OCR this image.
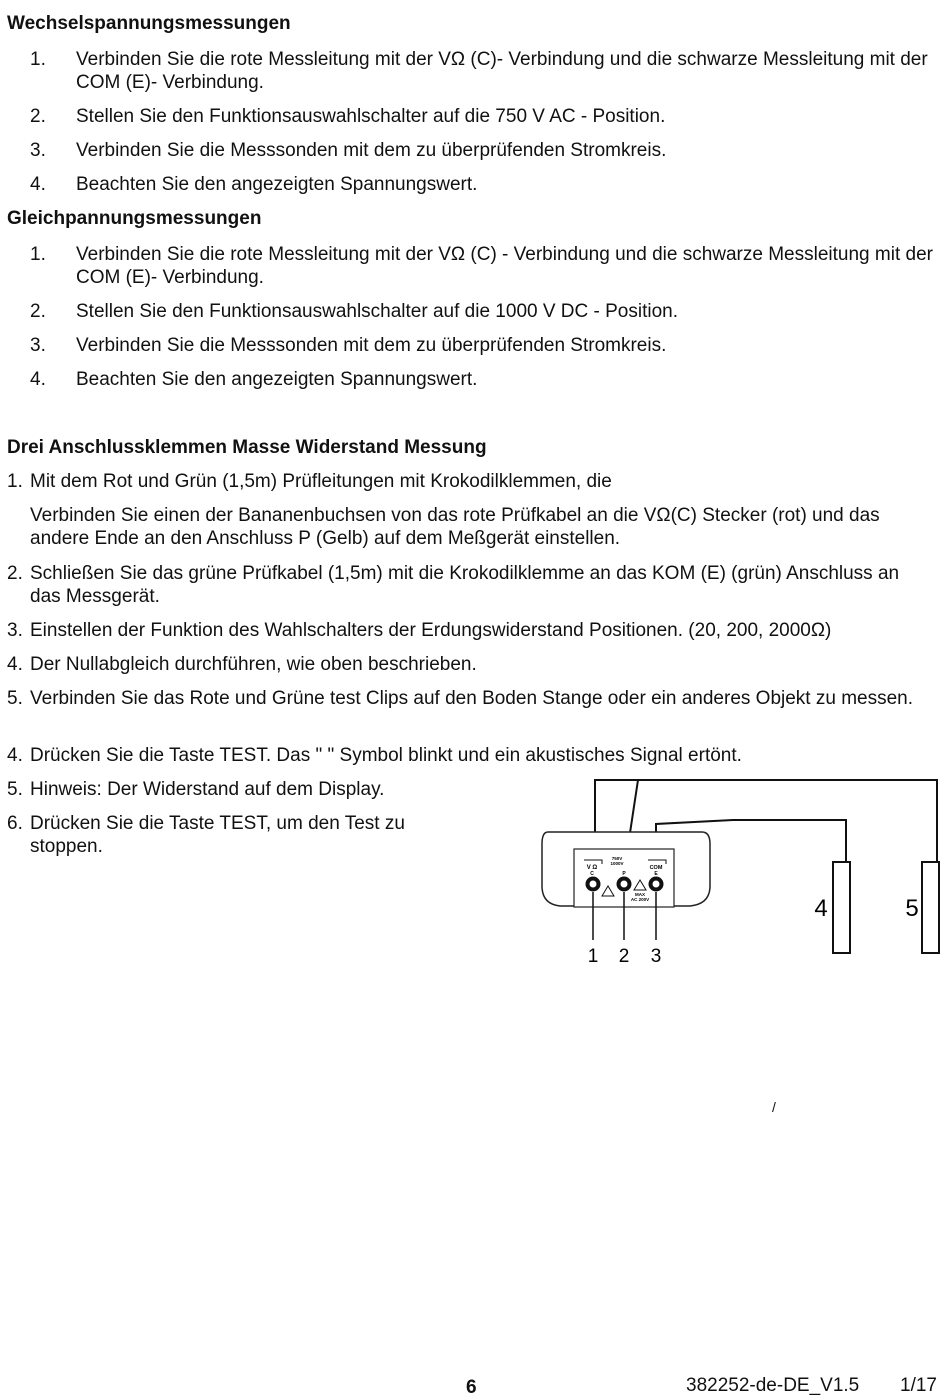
Wechselspannungsmessungen
1. Verbinden Sie die rote Messleitung mit der VΩ (C)- Verbindung und die schwarze Messleitung mit der COM (E)- Verbindung.
2. Stellen Sie den Funktionsauswahlschalter auf die 750 V AC - Position.
3. Verbinden Sie die Messsonden mit dem zu überprüfenden Stromkreis.
4. Beachten Sie den angezeigten Spannungswert.
Gleichpannungsmessungen
1. Verbinden Sie die rote Messleitung mit der VΩ (C) - Verbindung und die schwarze Messleitung mit der COM (E)- Verbindung.
2. Stellen Sie den Funktionsauswahlschalter auf die 1000 V DC - Position.
3. Verbinden Sie die Messsonden mit dem zu überprüfenden Stromkreis.
4. Beachten Sie den angezeigten Spannungswert.
Drei Anschlussklemmen Masse Widerstand Messung
1. Mit dem Rot und Grün (1,5m) Prüfleitungen mit Krokodilklemmen, die
Verbinden Sie einen der Bananenbuchsen von das rote Prüfkabel an die VΩ(C) Stecker (rot) und das andere Ende an den Anschluss P (Gelb) auf dem Meßgerät einstellen.
2. Schließen Sie das grüne Prüfkabel (1,5m) mit die Krokodilklemme an das KOM (E) (grün) Anschluss an das Messgerät.
3. Einstellen der Funktion des Wahlschalters der Erdungswiderstand Positionen. (20, 200, 2000Ω)
4. Der Nullabgleich durchführen, wie oben beschrieben.
5. Verbinden Sie das Rote und Grüne test Clips auf den Boden Stange oder ein anderes Objekt zu messen.
4. Drücken Sie die Taste TEST. Das " " Symbol blinkt und ein akustisches Signal ertönt.
5. Hinweis: Der Widerstand auf dem Display.
6. Drücken Sie die Taste TEST, um den Test zu stoppen.
V Ω
C
750V
1000V
P
COM
E
MAX
AC 200V
1 2 3
4	5
/
6	382252-de-DE_V1.5 1/17
